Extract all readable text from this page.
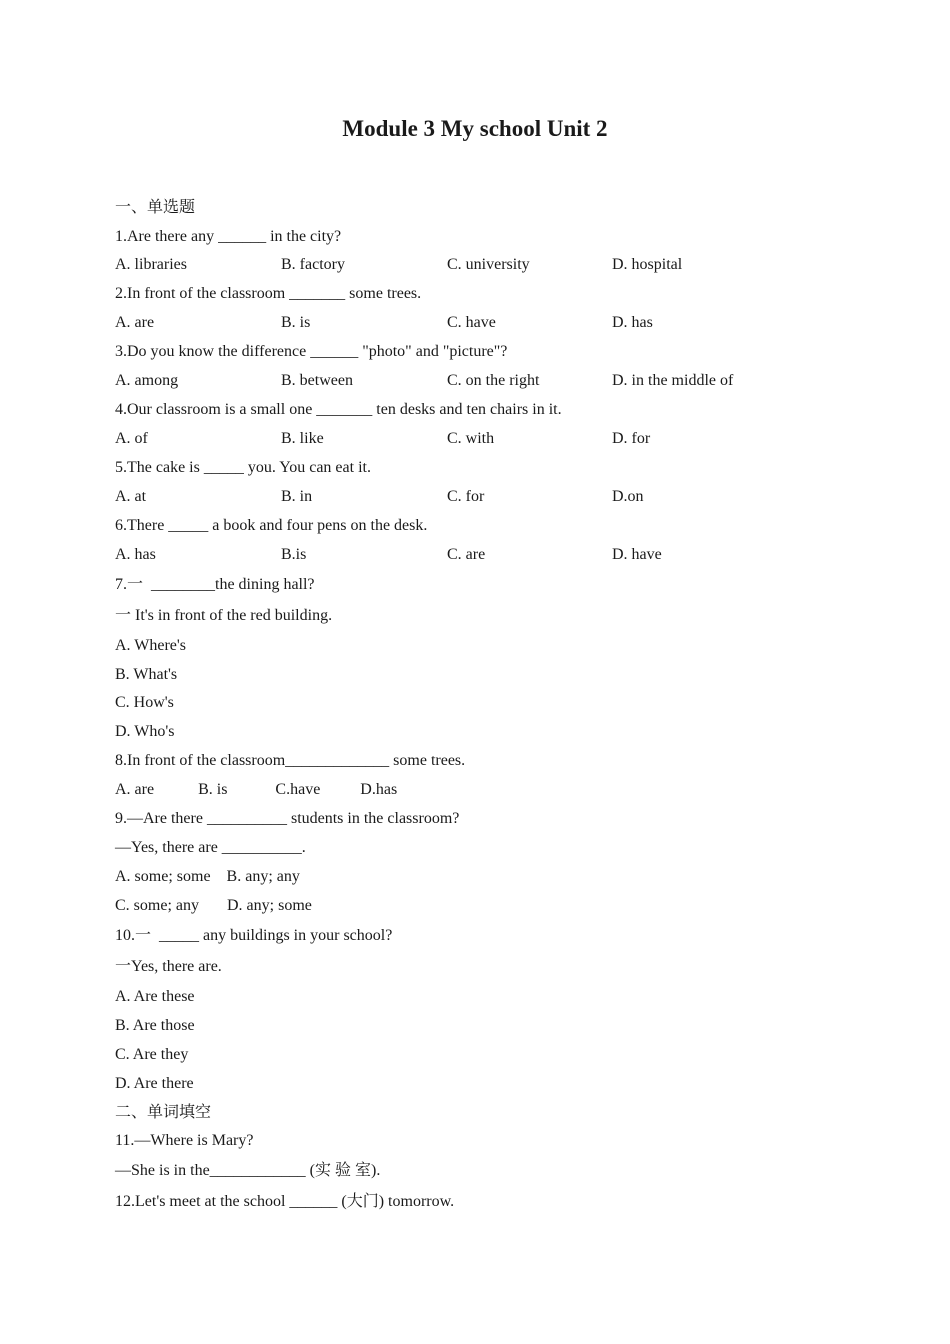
Module 3 My school Unit 2
一、单选题
1.Are there any ______ in the city?
A. libraries	B. factory	C. university	D. hospital
2.In front of the classroom _______ some trees.
A. are	B. is	C. have	D. has
3.Do you know the difference ______ "photo" and "picture"?
A. among	B. between	C. on the right	D. in the middle of
4.Our classroom is a small one _______ ten desks and ten chairs in it.
A. of	B. like	C. with	D. for
5.The cake is _____ you. You can eat it.
A. at	B. in	C. for	D.on
6.There _____ a book and four pens on the desk.
A. has	B.is	C. are	D. have
7.一  ________the dining hall?
一 It's in front of the red building.
A. Where's
B. What's
C. How's
D. Who's
8.In front of the classroom_____________ some trees.
A. are           B. is            C.have          D.has
9.—Are there __________ students in the classroom?
—Yes, there are __________.
A. some; some    B. any; any
C. some; any       D. any; some
10.一  _____ any buildings in your school?
一Yes, there are.
A. Are these
B. Are those
C. Are they
D. Are there
二、单词填空
11.—Where is Mary?
—She is in the____________ (实 验 室).
12.Let's meet at the school ______ (大门) tomorrow.
